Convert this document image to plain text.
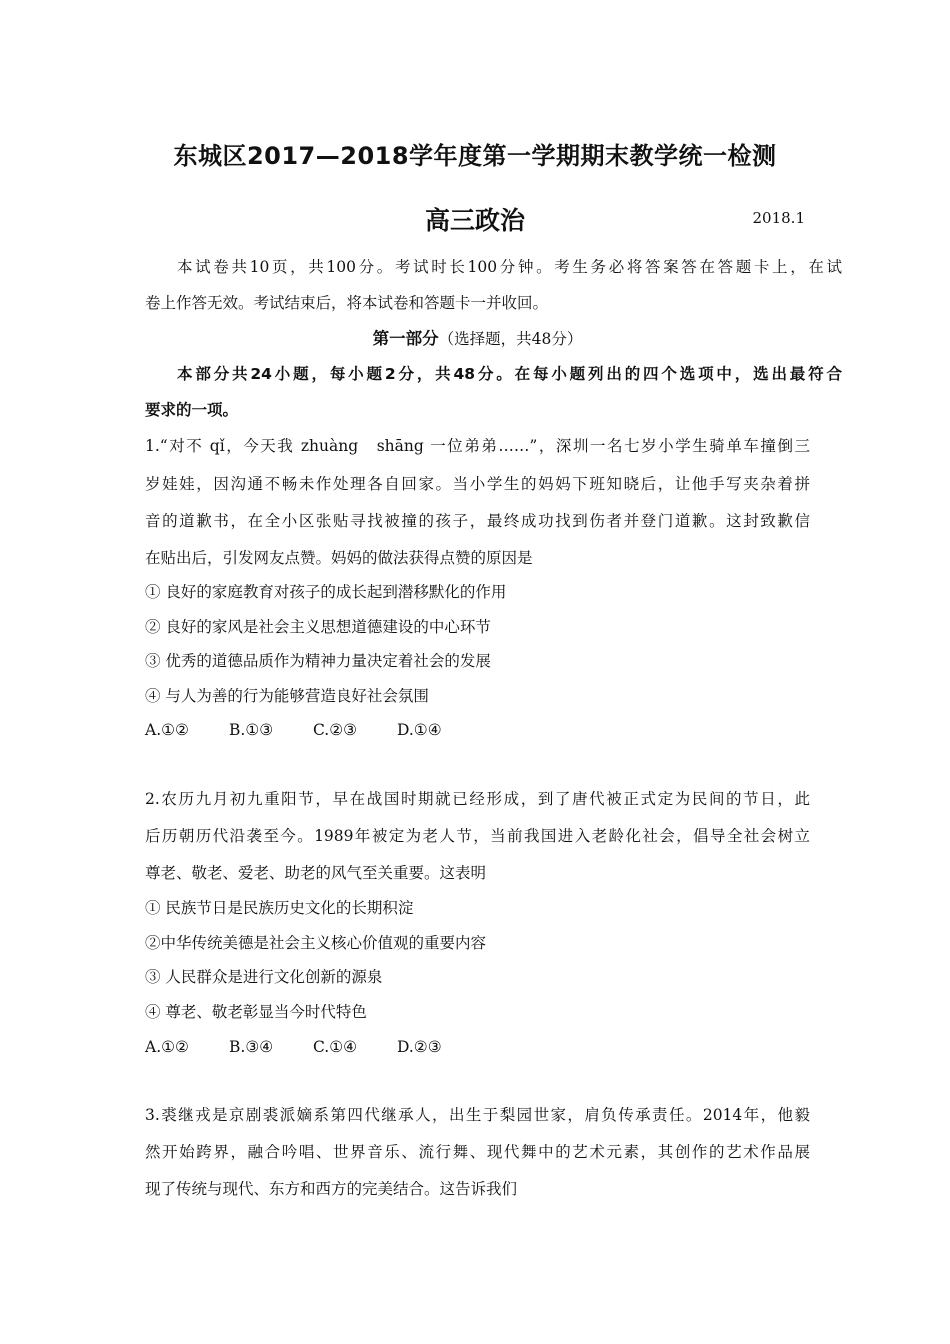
东城区2017—2018学年度第一学期期末教学统一检测
高三政治	2018.1
本试卷共10页，共100分。考试时长100分钟。考生务必将答案答在答题卡上，在试
卷上作答无效。考试结束后，将本试卷和答题卡一并收回。
第一部分（选择题，共48分）
本部分共24小题，每小题2分，共48分。在每小题列出的四个选项中，选出最符合
要求的一项。
1.“对不 qǐ，今天我 zhuàng　shāng 一位弟弟……”，深圳一名七岁小学生骑单车撞倒三
岁娃娃，因沟通不畅未作处理各自回家。当小学生的妈妈下班知晓后，让他手写夹杂着拼
音的道歉书，在全小区张贴寻找被撞的孩子，最终成功找到伤者并登门道歉。这封致歉信
在贴出后，引发网友点赞。妈妈的做法获得点赞的原因是
① 良好的家庭教育对孩子的成长起到潜移默化的作用
② 良好的家风是社会主义思想道德建设的中心环节
③ 优秀的道德品质作为精神力量决定着社会的发展
④ 与人为善的行为能够营造良好社会氛围
A.①②	B.①③	C.②③	D.①④
2.农历九月初九重阳节，早在战国时期就已经形成，到了唐代被正式定为民间的节日，此
后历朝历代沿袭至今。1989年被定为老人节，当前我国进入老龄化社会，倡导全社会树立
尊老、敬老、爱老、助老的风气至关重要。这表明
① 民族节日是民族历史文化的长期积淀
②中华传统美德是社会主义核心价值观的重要内容
③ 人民群众是进行文化创新的源泉
④ 尊老、敬老彰显当今时代特色
A.①②	B.③④	C.①④	D.②③
3.裘继戎是京剧裘派嫡系第四代继承人，出生于梨园世家，肩负传承责任。2014年，他毅
然开始跨界，融合吟唱、世界音乐、流行舞、现代舞中的艺术元素，其创作的艺术作品展
现了传统与现代、东方和西方的完美结合。这告诉我们
